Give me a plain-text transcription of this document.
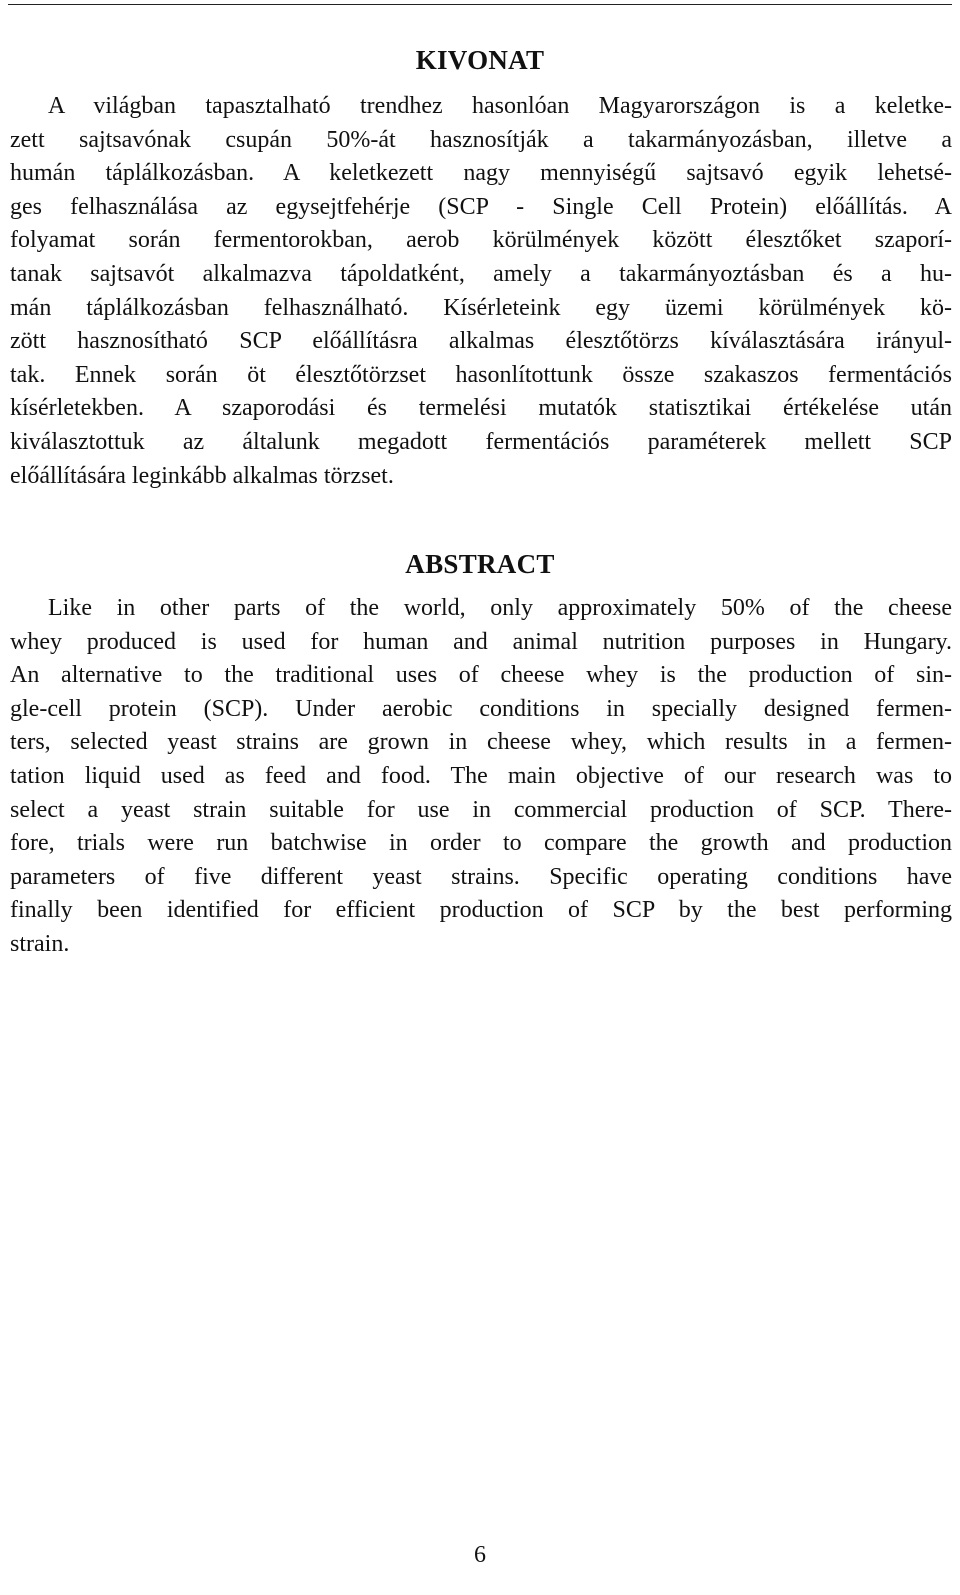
KIVONAT
A világban tapasztalható trendhez hasonlóan Magyarországon is a keletke-
zett sajtsavónak csupán 50%-át hasznosítják a takarmányozásban, illetve a
humán táplálkozásban. A keletkezett nagy mennyiségű sajtsavó egyik lehetsé-
ges felhasználása az egysejtfehérje (SCP - Single Cell Protein) előállítás. A
folyamat során fermentorokban, aerob körülmények között élesztőket szaporí-
tanak sajtsavót alkalmazva tápoldatként, amely a takarmányoztásban és a hu-
mán táplálkozásban felhasználható. Kísérleteink egy üzemi körülmények kö-
zött hasznosítható SCP előállításra alkalmas élesztőtörzs kíválasztására irányul-
tak. Ennek során öt élesztőtörzset hasonlítottunk össze szakaszos fermentációs
kísérletekben. A szaporodási és termelési mutatók statisztikai értékelése után
kiválasztottuk az általunk megadott fermentációs paraméterek mellett SCP
előállítására leginkább alkalmas törzset.
ABSTRACT
Like in other parts of the world, only approximately 50% of the cheese
whey produced is used for human and animal nutrition purposes in Hungary.
An alternative to the traditional uses of cheese whey is the production of sin-
gle-cell protein (SCP). Under aerobic conditions in specially designed fermen-
ters, selected yeast strains are grown in cheese whey, which results in a fermen-
tation liquid used as feed and food. The main objective of our research was to
select a yeast strain suitable for use in commercial production of SCP. There-
fore, trials were run batchwise in order to compare the growth and production
parameters of five different yeast strains. Specific operating conditions have
finally been identified for efficient production of SCP by the best performing
strain.
6
